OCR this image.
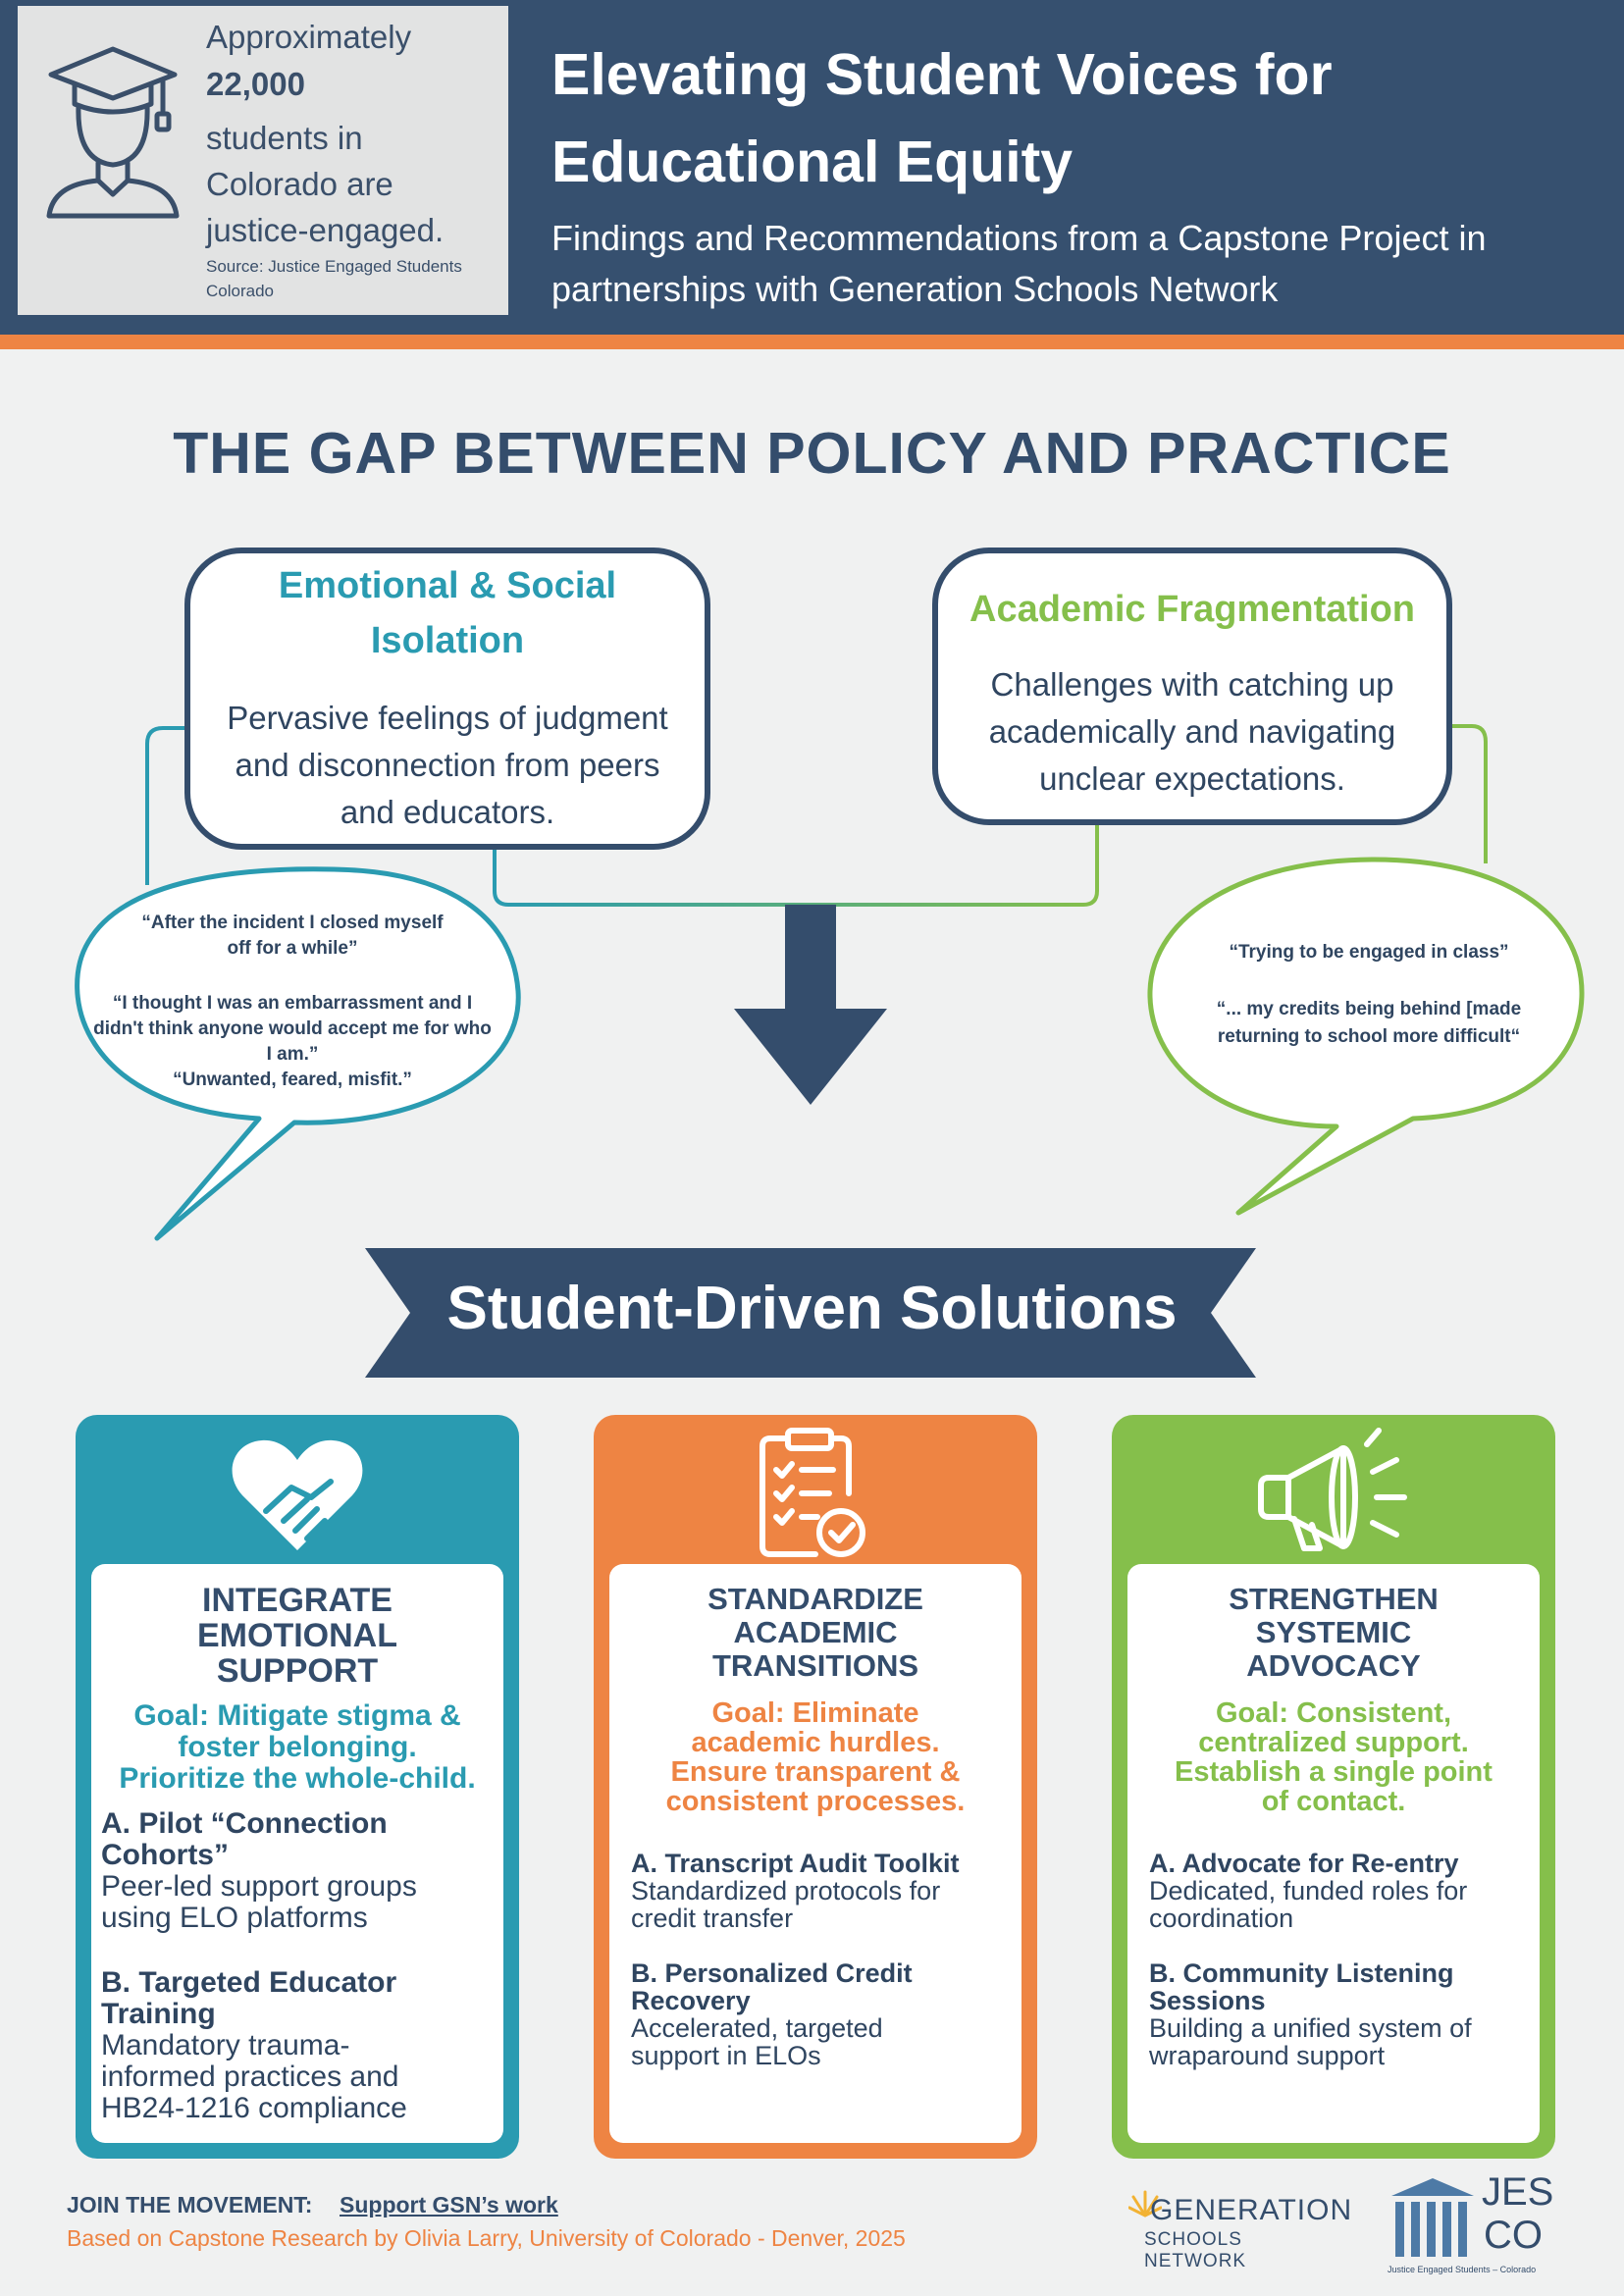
Approximately
22,000
students in
Colorado are
justice-engaged.
Source: Justice Engaged Students
Colorado
Elevating Student Voices for
Educational Equity
Findings and Recommendations from a Capstone Project in
partnerships with Generation Schools Network
THE GAP BETWEEN POLICY AND PRACTICE
Emotional & Social
Isolation
Pervasive feelings of judgment
and disconnection from peers
and educators.
Academic Fragmentation
Challenges with catching up
academically and navigating
unclear expectations.
“After the incident I closed myself
off for a while”
“I thought I was an embarrassment and I
didn't think anyone would accept me for who
I am.”
“Unwanted, feared, misfit.”
“Trying to be engaged in class”
“... my credits being behind [made
returning to school more difficult“
Student-Driven Solutions
INTEGRATE
EMOTIONAL
SUPPORT
Goal: Mitigate stigma &
foster belonging.
Prioritize the whole-child.
A. Pilot “Connection
Cohorts”
Peer-led support groups
using ELO platforms
B. Targeted Educator
Training
Mandatory trauma-
informed practices and
HB24-1216 compliance
STANDARDIZE
ACADEMIC
TRANSITIONS
Goal: Eliminate
academic hurdles.
Ensure transparent &
consistent processes.
A. Transcript Audit Toolkit
Standardized protocols for
credit transfer
B. Personalized Credit
Recovery
Accelerated, targeted
support in ELOs
STRENGTHEN
SYSTEMIC
ADVOCACY
Goal: Consistent,
centralized support.
Establish a single point
of contact.
A. Advocate for Re-entry
Dedicated, funded roles for
coordination
B. Community Listening
Sessions
Building a unified system of
wraparound support
JOIN THE MOVEMENT: Support GSN’s work
Based on Capstone Research by Olivia Larry, University of Colorado - Denver, 2025
GENERATION
SCHOOLS NETWORK
JES
CO
Justice Engaged Students – Colorado
